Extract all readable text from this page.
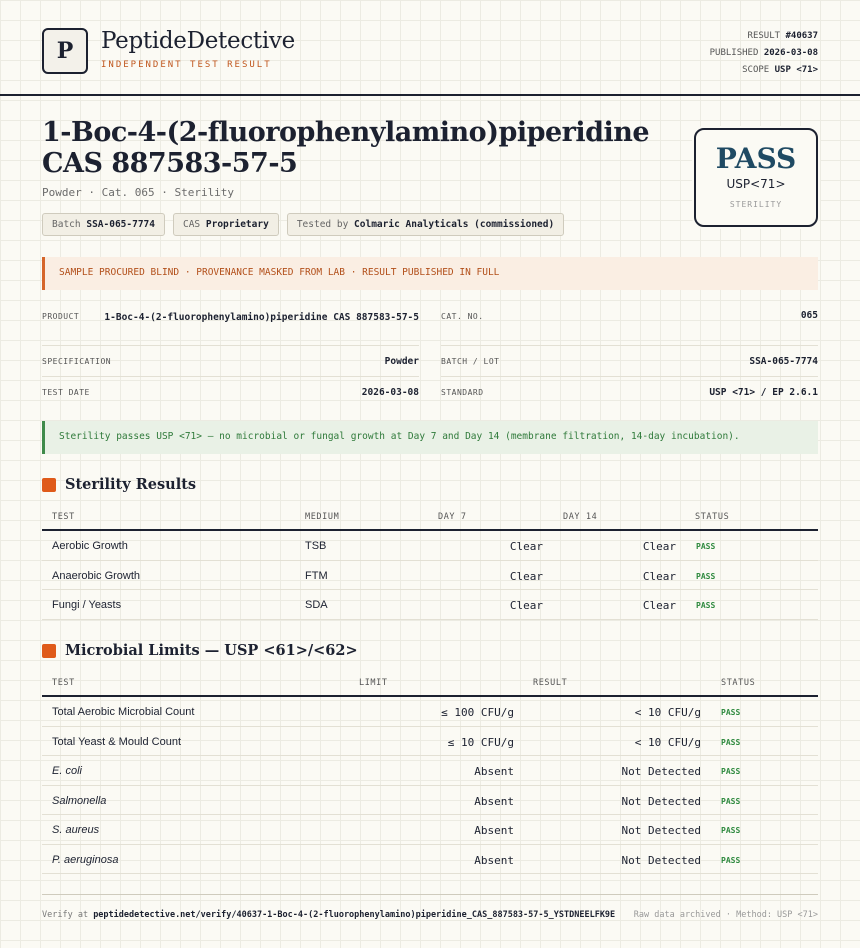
P	PeptideDetective
INDEPENDENT TEST RESULT
RESULT #40637
PUBLISHED 2026-03-08
SCOPE USP <71>
1-Boc-4-(2-fluorophenylamino)piperidine CAS 887583-57-5
Powder · Cat. 065 · Sterility
Batch SSA-065-7774	CAS Proprietary	Tested by Colmaric Analyticals (commissioned)
PASS
USP<71>
STERILITY
SAMPLE PROCURED BLIND · PROVENANCE MASKED FROM LAB · RESULT PUBLISHED IN FULL
PRODUCT	1-Boc-4-(2-fluorophenylamino)piperidine CAS 887583-57-5	CAT. NO.	065
SPECIFICATION	Powder	BATCH / LOT	SSA-065-7774
TEST DATE	2026-03-08	STANDARD	USP <71> / EP 2.6.1
Sterility passes USP <71> — no microbial or fungal growth at Day 7 and Day 14 (membrane filtration, 14-day incubation).
Sterility Results
TEST	MEDIUM	DAY 7	DAY 14	STATUS
Aerobic Growth	TSB	Clear	Clear	PASS
Anaerobic Growth	FTM	Clear	Clear	PASS
Fungi / Yeasts	SDA	Clear	Clear	PASS
Microbial Limits — USP <61>/<62>
TEST	LIMIT	RESULT	STATUS
Total Aerobic Microbial Count	≤ 100 CFU/g	< 10 CFU/g	PASS
Total Yeast & Mould Count	≤ 10 CFU/g	< 10 CFU/g	PASS
E. coli	Absent	Not Detected	PASS
Salmonella	Absent	Not Detected	PASS
S. aureus	Absent	Not Detected	PASS
P. aeruginosa	Absent	Not Detected	PASS
Verify at peptidedetective.net/verify/40637-1-Boc-4-(2-fluorophenylamino)piperidine_CAS_887583-57-5_YSTDNEELFK9E Raw data archived · Method: USP <71>
